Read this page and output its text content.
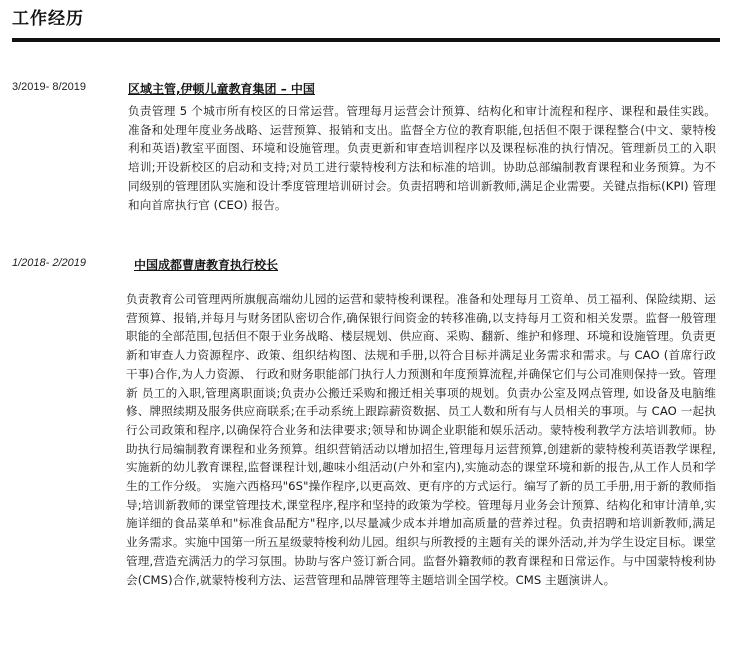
工作经历
3/2019- 8/2019	区域主管,伊顿儿童教育集团 – 中国
负责管理 5 个城市所有校区的日常运营。管理每月运营会计预算、结构化和审计流程和程序、课程和最佳实践。准备和处理年度业务战略、运营预算、报销和支出。监督全方位的教育职能,包括但不限于课程整合(中文、蒙特梭利和英语)教室平面图、环境和设施管理。负责更新和审查培训程序以及课程标准的执行情况。管理新员工的入职培训;开设新校区的启动和支持;对员工进行蒙特梭利方法和标准的培训。协助总部编制教育课程和业务预算。为不同级别的管理团队实施和设计季度管理培训研讨会。负责招聘和培训新教师,满足企业需要。关键点指标(KPI) 管理和向首席执行官 (CEO) 报告。
1/2018- 2/2019	中国成都曹唐教育执行校长
负责教育公司管理两所旗舰高端幼儿园的运营和蒙特梭利课程。准备和处理每月工资单、员工福利、保险续期、运营预算、报销,并每月与财务团队密切合作,确保银行间资金的转移准确,以支持每月工资和相关发票。监督一般管理职能的全部范围,包括但不限于业务战略、楼层规划、供应商、采购、翻新、维护和修理、环境和设施管理。负责更新和审查人力资源程序、政策、组织结构图、法规和手册,以符合目标并满足业务需求和需求。与 CAO (首席行政干事)合作,为人力资源、 行政和财务职能部门执行人力预测和年度预算流程,并确保它们与公司准则保持一致。管理新 员工的入职,管理离职面谈;负责办公搬迁采购和搬迁相关事项的规划。负责办公室及网点管理, 如设备及电脑维修、牌照续期及服务供应商联系;在手动系统上跟踪薪资数据、员工人数和所有与人员相关的事项。与 CAO 一起执行公司政策和程序,以确保符合业务和法律要求;领导和协调企业职能和娱乐活动。蒙特梭利教学方法培训教师。协助执行局编制教育课程和业务预算。组织营销活动以增加招生,管理每月运营预算,创建新的蒙特梭利英语教学课程,实施新的幼儿教育课程,监督课程计划,趣味小组活动(户外和室内),实施动态的课堂环境和新的报告,从工作人员和学生的工作分级。 实施六西格玛"6S"操作程序,以更高效、更有序的方式运行。编写了新的员工手册,用于新的教师指导;培训新教师的课堂管理技术,课堂程序,程序和坚持的政策为学校。管理每月业务会计预算、结构化和审计清单,实施详细的食品菜单和"标准食品配方"程序,以尽量减少成本并增加高质量的营养过程。负责招聘和培训新教师,满足业务需求。实施中国第一所五星级蒙特梭利幼儿园。组织与所教授的主题有关的课外活动,并为学生设定目标。课堂管理,营造充满活力的学习氛围。协助与客户签订新合同。监督外籍教师的教育课程和日常运作。与中国蒙特梭利协会(CMS)合作,就蒙特梭利方法、运营管理和品牌管理等主题培训全国学校。CMS 主题演讲人。
